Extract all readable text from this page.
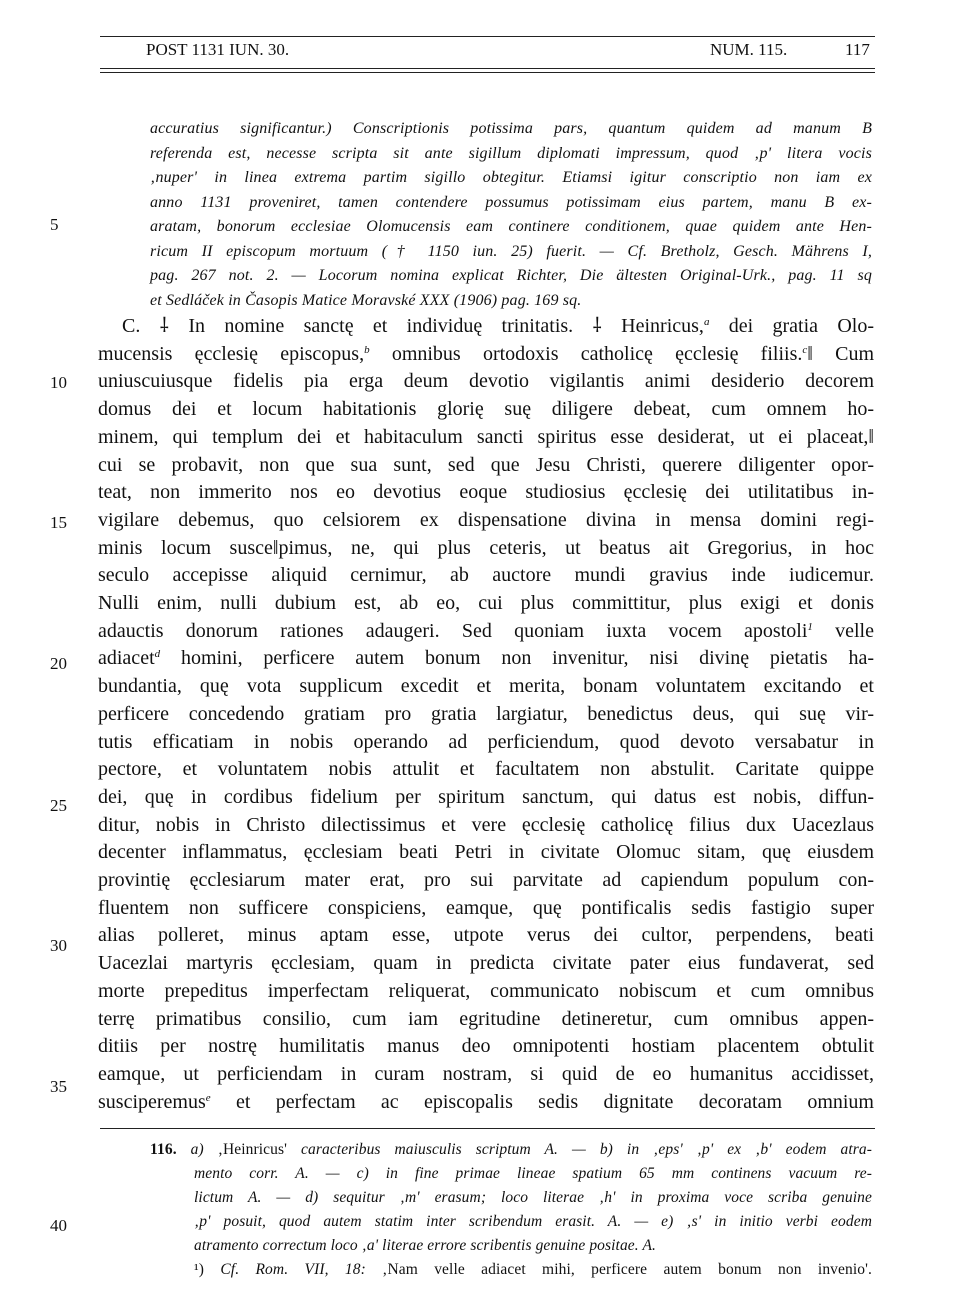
POST 1131 IUN. 30.	NUM. 115.	117
accuratius significantur.) Conscriptionis potissima pars, quantum quidem ad manum B
referenda est, necesse scripta sit ante sigillum diplomati impressum, quod ‚p' litera vocis
‚nuper' in linea extrema partim sigillo obtegitur. Etiamsi igitur conscriptio non iam ex
anno 1131 proveniret, tamen contendere possumus potissimam eius partem, manu B ex-
aratam, bonorum ecclesiae Olomucensis eam continere conditionem, quae quidem ante Hen-
ricum II episcopum mortuum († 1150 iun. 25) fuerit. — Cf. Bretholz, Gesch. Mährens I,
pag. 267 not. 2. — Locorum nomina explicat Richter, Die ältesten Original-Urk., pag. 11 sq
et Sedláček in Časopis Matice Moravské XXX (1906) pag. 169 sq.
C. ⸸ In nomine sanctę et individuę trinitatis. ⸸ Heinricus,$^a$ dei gratia Olo-
mucensis ęcclesię episcopus,$^b$ omnibus ortodoxis catholicę ęcclesię filiis.$^c$‖ Cum
uniuscuiusque fidelis pia erga deum devotio vigilantis animi desiderio decorem
domus dei et locum habitationis glorię suę diligere debeat, cum omnem ho-
minem, qui templum dei et habitaculum sancti spiritus esse desiderat, ut ei placeat,‖
cui se probavit, non que sua sunt, sed que Jesu Christi, querere diligenter opor-
teat, non immerito nos eo devotius eoque studiosius ęcclesię dei utilitatibus in-
vigilare debemus, quo celsiorem ex dispensatione divina in mensa domini regi-
minis locum susce‖pimus, ne, qui plus ceteris, ut beatus ait Gregorius, in hoc
seculo accepisse aliquid cernimur, ab auctore mundi gravius inde iudicemur.
Nulli enim, nulli dubium est, ab eo, cui plus committitur, plus exigi et donis
adauctis donorum rationes adaugeri. Sed quoniam iuxta vocem apostoli$^1$ velle
adiacet$^d$ homini, perficere autem bonum non invenitur, nisi divinę pietatis ha-
bundantia, quę vota supplicum excedit et merita, bonam voluntatem excitando et
perficere concedendo gratiam pro gratia largiatur, benedictus deus, qui suę vir-
tutis efficatiam in nobis operando ad perficiendum, quod devoto versabatur in
pectore, et voluntatem nobis attulit et facultatem non abstulit. Caritate quippe
dei, quę in cordibus fidelium per spiritum sanctum, qui datus est nobis, diffun-
ditur, nobis in Christo dilectissimus et vere ęcclesię catholicę filius dux Uacezlaus
decenter inflammatus, ęcclesiam beati Petri in civitate Olomuc sitam, quę eiusdem
provintię ęcclesiarum mater erat, pro sui parvitate ad capiendum populum con-
fluentem non sufficere conspiciens, eamque, quę pontificalis sedis fastigio super
alias polleret, minus aptam esse, utpote verus dei cultor, perpendens, beati
Uacezlai martyris ęcclesiam, quam in predicta civitate pater eius fundaverat, sed
morte prepeditus imperfectam reliquerat, communicato nobiscum et cum omnibus
terrę primatibus consilio, cum iam egritudine detineretur, cum omnibus appen-
ditiis per nostrę humilitatis manus deo omnipotenti hostiam placentem obtulit
eamque, ut perficiendam in curam nostram, si quid de eo humanitus accidisset,
susciperemus$^e$ et perfectam ac episcopalis sedis dignitate decoratam omnium
5
10
15
20
25
30
35
40
116. a) ‚Heinricus' caracteribus maiusculis scriptum A. — b) in ‚eps' ‚p' ex ‚b' eodem atra-
mento corr. A. — c) in fine primae lineae spatium 65 mm continens vacuum re-
lictum A. — d) sequitur ‚m' erasum; loco literae ‚h' in proxima voce scriba genuine
‚p' posuit, quod autem statim inter scribendum erasit. A. — e) ‚s' in initio verbi eodem
atramento correctum loco ‚a' literae errore scribentis genuine positae. A.
¹) Cf. Rom. VII, 18: ‚Nam velle adiacet mihi, perficere autem bonum non invenio'.
